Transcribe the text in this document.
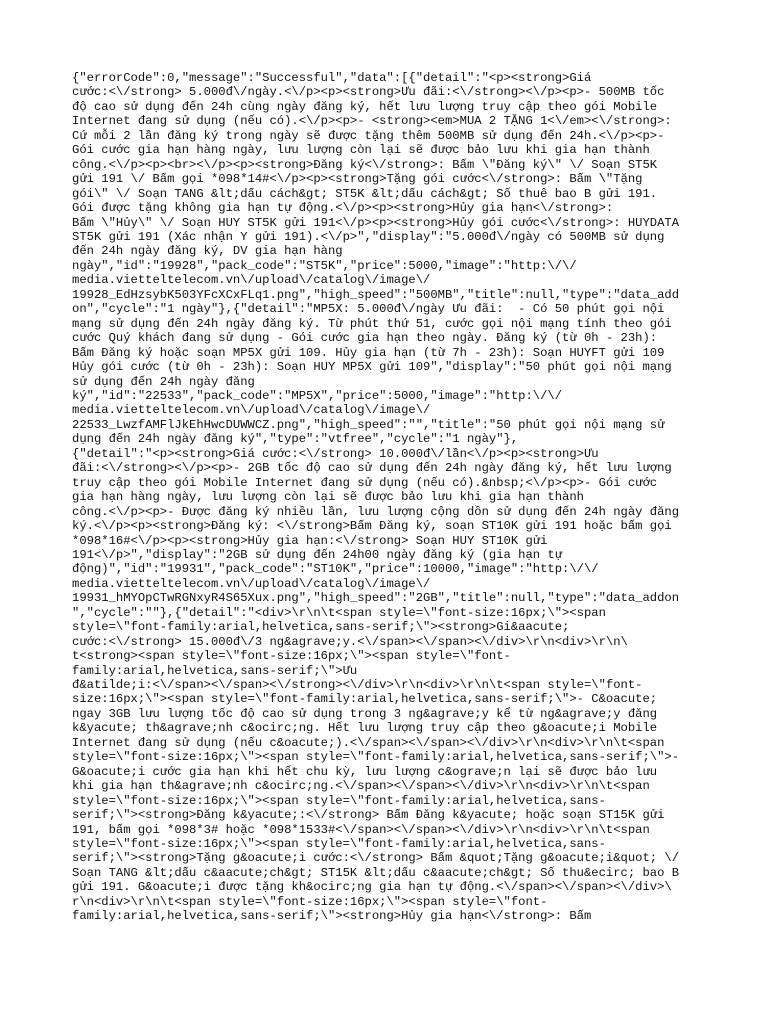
{"errorCode":0,"message":"Successful","data":[{"detail":"<p><strong>Giá
cước:<\/strong> 5.000đ\/ngày.<\/p><p><strong>Ưu đãi:<\/strong><\/p><p>- 500MB tốc
độ cao sử dụng đến 24h cùng ngày đăng ký, hết lưu lượng truy cập theo gói Mobile
Internet đang sử dụng (nếu có).<\/p><p>- <strong><em>MUA 2 TẶNG 1<\/em><\/strong>:
Cứ mỗi 2 lần đăng ký trong ngày sẽ được tặng thêm 500MB sử dụng đến 24h.<\/p><p>-
Gói cước gia hạn hàng ngày, lưu lượng còn lại sẽ được bảo lưu khi gia hạn thành
công.<\/p><p><br><\/p><p><strong>Đăng ký<\/strong>: Bấm \"Đăng ký\" \/ Soạn ST5K
gửi 191 \/ Bấm gọi *098*14#<\/p><p><strong>Tặng gói cước<\/strong>: Bấm \"Tặng
gói\" \/ Soạn TANG &lt;dấu cách&gt; ST5K &lt;dấu cách&gt; Số thuê bao B gửi 191.
Gói được tặng không gia hạn tự động.<\/p><p><strong>Hủy gia hạn<\/strong>:
Bấm \"Hủy\" \/ Soạn HUY ST5K gửi 191<\/p><p><strong>Hủy gói cước<\/strong>: HUYDATA
ST5K gửi 191 (Xác nhận Y gửi 191).<\/p>","display":"5.000đ\/ngày có 500MB sử dụng
đến 24h ngày đăng ký, DV gia hạn hàng
ngày","id":"19928","pack_code":"ST5K","price":5000,"image":"http:\/\/
media.vietteltelecom.vn\/upload\/catalog\/image\/
19928_EdHzsybK503YFcXCxFLq1.png","high_speed":"500MB","title":null,"type":"data_add
on","cycle":"1 ngày"},{"detail":"MP5X: 5.000đ\/ngày Ưu đãi:  - Có 50 phút gọi nội
mạng sử dụng đến 24h ngày đăng ký. Từ phút thứ 51, cước gọi nội mạng tính theo gói
cước Quý khách đang sử dụng - Gói cước gia hạn theo ngày. Đăng ký (từ 0h - 23h):
Bấm Đăng ký hoặc soạn MP5X gửi 109. Hủy gia hạn (từ 7h - 23h): Soạn HUYFT gửi 109
Hủy gói cước (từ 0h - 23h): Soạn HUY MP5X gửi 109","display":"50 phút gọi nội mạng
sử dụng đến 24h ngày đăng
ký","id":"22533","pack_code":"MP5X","price":5000,"image":"http:\/\/
media.vietteltelecom.vn\/upload\/catalog\/image\/
22533_LwzfAMFlJkEhHwcDUWWCZ.png","high_speed":"","title":"50 phút gọi nội mạng sử
dụng đến 24h ngày đăng ký","type":"vtfree","cycle":"1 ngày"},
{"detail":"<p><strong>Giá cước:<\/strong> 10.000đ\/lần<\/p><p><strong>Ưu
đãi:<\/strong><\/p><p>- 2GB tốc độ cao sử dụng đến 24h ngày đăng ký, hết lưu lượng
truy cập theo gói Mobile Internet đang sử dụng (nếu có).&nbsp;<\/p><p>- Gói cước
gia hạn hàng ngày, lưu lượng còn lại sẽ được bảo lưu khi gia hạn thành
công.<\/p><p>- Được đăng ký nhiều lần, lưu lượng cộng dồn sử dụng đến 24h ngày đăng
ký.<\/p><p><strong>Đăng ký: <\/strong>Bấm Đăng ký, soạn ST10K gửi 191 hoặc bấm gọi
*098*16#<\/p><p><strong>Hủy gia hạn:<\/strong> Soạn HUY ST10K gửi
191<\/p>","display":"2GB sử dụng đến 24h00 ngày đăng ký (gia hạn tự
động)","id":"19931","pack_code":"ST10K","price":10000,"image":"http:\/\/
media.vietteltelecom.vn\/upload\/catalog\/image\/
19931_hMYOpCTwRGNxyR4S65Xux.png","high_speed":"2GB","title":null,"type":"data_addon
","cycle":""},{"detail":"<div>\r\n\t<span style=\"font-size:16px;\"><span
style=\"font-family:arial,helvetica,sans-serif;\"><strong>Gi&aacute;
cước:<\/strong> 15.000đ\/3 ng&agrave;y.<\/span><\/span><\/div>\r\n<div>\r\n\
t<strong><span style=\"font-size:16px;\"><span style=\"font-
family:arial,helvetica,sans-serif;\">Ưu
đ&atilde;i:<\/span><\/span><\/strong><\/div>\r\n<div>\r\n\t<span style=\"font-
size:16px;\"><span style=\"font-family:arial,helvetica,sans-serif;\">- C&oacute;
ngay 3GB lưu lượng tốc độ cao sử dụng trong 3 ng&agrave;y kể từ ng&agrave;y đăng
k&yacute; th&agrave;nh c&ocirc;ng. Hết lưu lượng truy cập theo g&oacute;i Mobile
Internet đang sử dụng (nếu c&oacute;).<\/span><\/span><\/div>\r\n<div>\r\n\t<span
style=\"font-size:16px;\"><span style=\"font-family:arial,helvetica,sans-serif;\">-
G&oacute;i cước gia hạn khi hết chu kỳ, lưu lượng c&ograve;n lại sẽ được bảo lưu
khi gia hạn th&agrave;nh c&ocirc;ng.<\/span><\/span><\/div>\r\n<div>\r\n\t<span
style=\"font-size:16px;\"><span style=\"font-family:arial,helvetica,sans-
serif;\"><strong>Đăng k&yacute;:<\/strong> Bấm Đăng k&yacute; hoặc soạn ST15K gửi
191, bấm gọi *098*3# hoặc *098*1533#<\/span><\/span><\/div>\r\n<div>\r\n\t<span
style=\"font-size:16px;\"><span style=\"font-family:arial,helvetica,sans-
serif;\"><strong>Tặng g&oacute;i cước:<\/strong> Bấm &quot;Tặng g&oacute;i&quot; \/
Soạn TANG &lt;dấu c&aacute;ch&gt; ST15K &lt;dấu c&aacute;ch&gt; Số thu&ecirc; bao B
gửi 191. G&oacute;i được tặng kh&ocirc;ng gia hạn tự động.<\/span><\/span><\/div>\
r\n<div>\r\n\t<span style=\"font-size:16px;\"><span style=\"font-
family:arial,helvetica,sans-serif;\"><strong>Hủy gia hạn<\/strong>: Bấm
